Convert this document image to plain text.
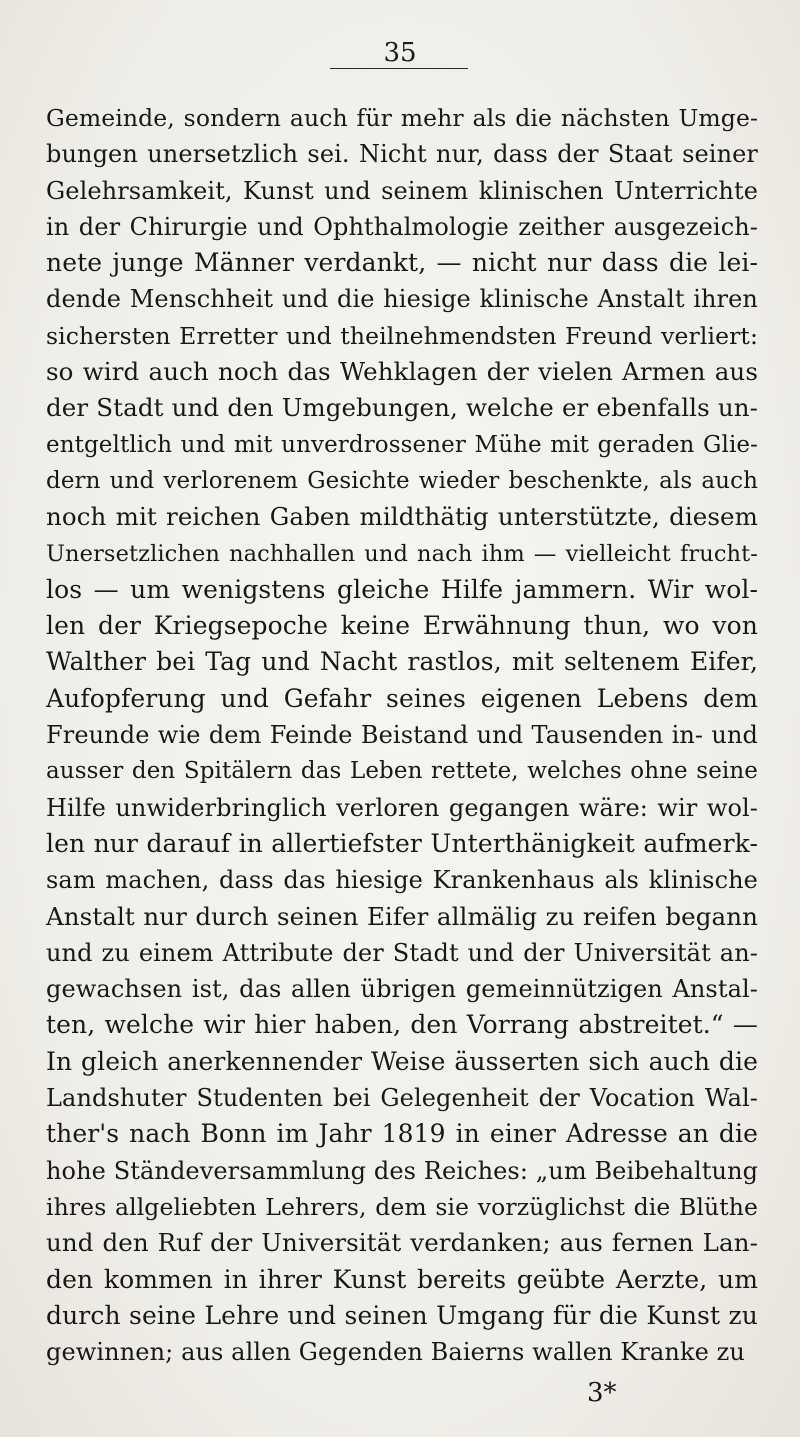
35
Gemeinde, sondern auch für mehr als die nächsten Umge-
bungen unersetzlich sei. Nicht nur, dass der Staat seiner
Gelehrsamkeit, Kunst und seinem klinischen Unterrichte
in der Chirurgie und Ophthalmologie zeither ausgezeich-
nete junge Männer verdankt, — nicht nur dass die lei-
dende Menschheit und die hiesige klinische Anstalt ihren
sichersten Erretter und theilnehmendsten Freund verliert:
so wird auch noch das Wehklagen der vielen Armen aus
der Stadt und den Umgebungen, welche er ebenfalls un-
entgeltlich und mit unverdrossener Mühe mit geraden Glie-
dern und verlorenem Gesichte wieder beschenkte, als auch
noch mit reichen Gaben mildthätig unterstützte, diesem
Unersetzlichen nachhallen und nach ihm — vielleicht frucht-
los — um wenigstens gleiche Hilfe jammern. Wir wol-
len der Kriegsepoche keine Erwähnung thun, wo von
Walther bei Tag und Nacht rastlos, mit seltenem Eifer,
Aufopferung und Gefahr seines eigenen Lebens dem
Freunde wie dem Feinde Beistand und Tausenden in- und
ausser den Spitälern das Leben rettete, welches ohne seine
Hilfe unwiderbringlich verloren gegangen wäre: wir wol-
len nur darauf in allertiefster Unterthänigkeit aufmerk-
sam machen, dass das hiesige Krankenhaus als klinische
Anstalt nur durch seinen Eifer allmälig zu reifen begann
und zu einem Attribute der Stadt und der Universität an-
gewachsen ist, das allen übrigen gemeinnützigen Anstal-
ten, welche wir hier haben, den Vorrang abstreitet.“ —
In gleich anerkennender Weise äusserten sich auch die
Landshuter Studenten bei Gelegenheit der Vocation Wal-
ther's nach Bonn im Jahr 1819 in einer Adresse an die
hohe Ständeversammlung des Reiches: „um Beibehaltung
ihres allgeliebten Lehrers, dem sie vorzüglichst die Blüthe
und den Ruf der Universität verdanken; aus fernen Lan-
den kommen in ihrer Kunst bereits geübte Aerzte, um
durch seine Lehre und seinen Umgang für die Kunst zu
gewinnen; aus allen Gegenden Baierns wallen Kranke zu
3*
